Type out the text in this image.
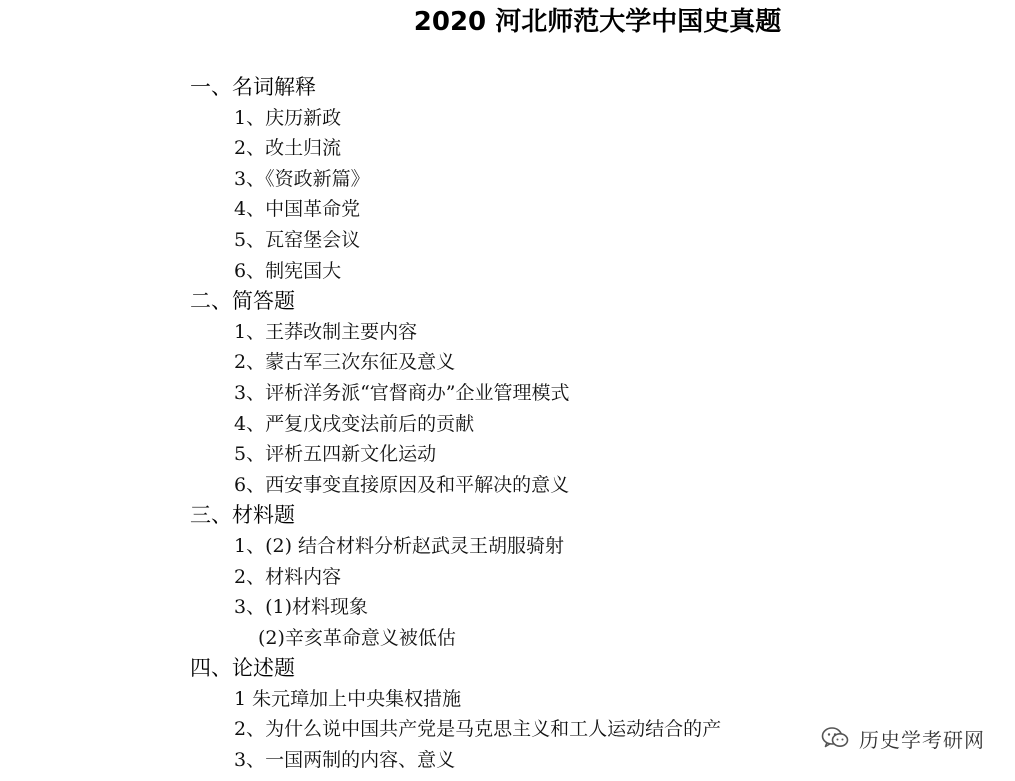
2020 河北师范大学中国史真题
一、名词解释
1、庆历新政
2、改土归流
3、《资政新篇》
4、中国革命党
5、瓦窑堡会议
6、制宪国大
二、简答题
1、王莽改制主要内容
2、蒙古军三次东征及意义
3、评析洋务派“官督商办”企业管理模式
4、严复戊戌变法前后的贡献
5、评析五四新文化运动
6、西安事变直接原因及和平解决的意义
三、材料题
1、(2) 结合材料分析赵武灵王胡服骑射
2、材料内容
3、(1)材料现象
(2)辛亥革命意义被低估
四、论述题
1 朱元璋加上中央集权措施
2、为什么说中国共产党是马克思主义和工人运动结合的产
3、一国两制的内容、意义
历史学考研网
